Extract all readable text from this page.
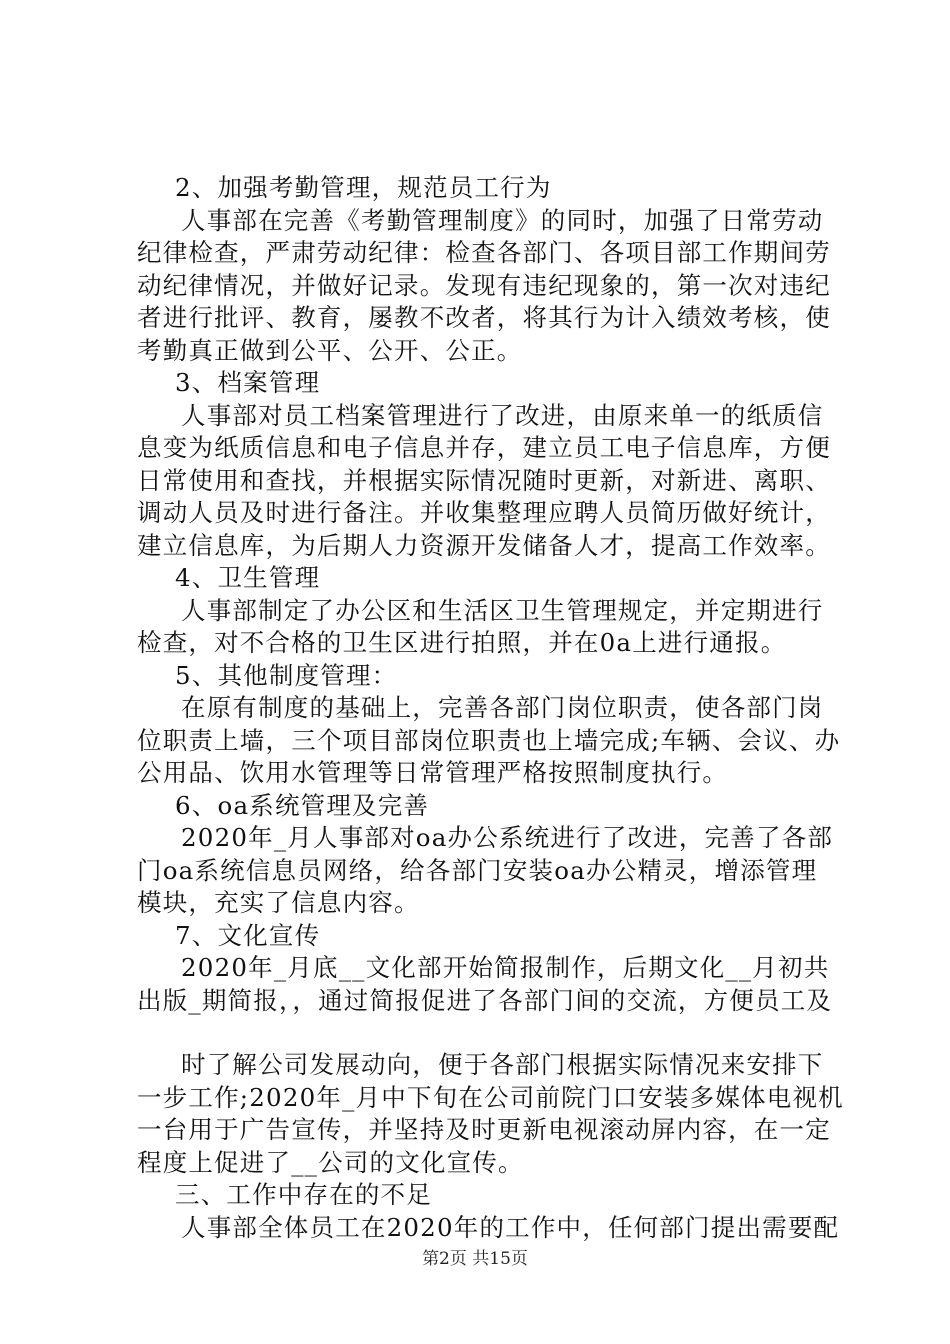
2、加强考勤管理，规范员工行为
人事部在完善《考勤管理制度》的同时，加强了日常劳动
纪律检查，严肃劳动纪律：检查各部门、各项目部工作期间劳
动纪律情况，并做好记录。发现有违纪现象的，第一次对违纪
者进行批评、教育，屡教不改者，将其行为计入绩效考核，使
考勤真正做到公平、公开、公正。
3、档案管理
人事部对员工档案管理进行了改进，由原来单一的纸质信
息变为纸质信息和电子信息并存，建立员工电子信息库，方便
日常使用和查找，并根据实际情况随时更新，对新进、离职、
调动人员及时进行备注。并收集整理应聘人员简历做好统计，
建立信息库，为后期人力资源开发储备人才，提高工作效率。
4、卫生管理
人事部制定了办公区和生活区卫生管理规定，并定期进行
检查，对不合格的卫生区进行拍照，并在0a上进行通报。
5、其他制度管理：
在原有制度的基础上，完善各部门岗位职责，使各部门岗
位职责上墙，三个项目部岗位职责也上墙完成;车辆、会议、办
公用品、饮用水管理等日常管理严格按照制度执行。
6、oa系统管理及完善
2020年_月人事部对oa办公系统进行了改进，完善了各部
门oa系统信息员网络，给各部门安装oa办公精灵，增添管理
模块，充实了信息内容。
7、文化宣传
2020年_月底__文化部开始简报制作，后期文化__月初共
出版_期简报，，通过简报促进了各部门间的交流，方便员工及
时了解公司发展动向，便于各部门根据实际情况来安排下
一步工作;2020年_月中下旬在公司前院门口安装多媒体电视机
一台用于广告宣传，并坚持及时更新电视滚动屏内容，在一定
程度上促进了__公司的文化宣传。
三、工作中存在的不足
人事部全体员工在2020年的工作中，任何部门提出需要配
第2页 共15页
